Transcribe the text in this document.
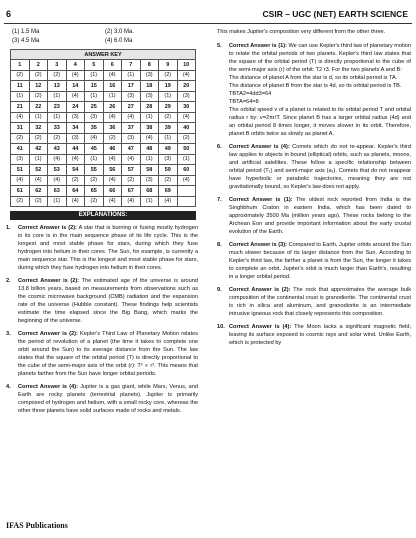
6	CSIR – UGC (NET) EARTH SCIENCE
(1) 1.5 Ma	(2) 3.0 Ma.
(3) 4.5 Ma	(4) 6.0 Ma
ANSWER KEY									
1	2	3	4	5	6	7	8	9	10
(2)	(2)	(2)	(4)	(1)	(4)	(1)	(3)	(2)	(4)
11	12	13	14	15	16	17	18	19	20
(1)	(2)	(1)	(4)	(1)	(1)	(3)	(3)	(1)	(3)
21	22	23	24	25	26	27	28	29	30
(4)	(1)	(1)	(3)	(3)	(4)	(4)	(1)	(2)	(4)
31	32	33	34	35	36	37	38	39	40
(2)	(2)	(2)	(3)	(4)	(2)	(3)	(4)	(1)	(2)
41	42	43	44	45	46	47	48	49	50
(3)	(1)	(4)	(4)	(1)	(4)	(4)	(1)	(3)	(1)
51	52	53	54	55	56	57	58	59	60
(4)	(4)	(4)	(2)	(2)	(4)	(2)	(3)	(2)	(4)
61	62	63	64	65	66	67	68	69	
(2)	(2)	(1)	(4)	(2)	(4)	(4)	(1)	(4)	
EXPLANATIONS:
1.	Correct Answer is (2): A star that is burning or fusing mostly hydrogen in its core is in the main sequence phase of its life cycle. This is the longest and most stable phase for stars, during which they fuse hydrogen into helium in their cores. The Sun, for example, is currently a main sequence star. This is the longest and most stable phase for stars, during which they fuse hydrogen into helium in their cores.
2.	Correct Answer is (2): The estimated age of the universe is around 13.8 billion years, based on measurements from observations such as the cosmic microwave background (CMB) radiation and the expansion rate of the universe (Hubble constant). These findings help scientists estimate the time elapsed since the Big Bang, which marks the beginning of the universe.
3.	Correct Answer is (2): Kepler's Third Law of Planetary Motion relates the period of revolution of a planet (the time it takes to complete one orbit around the Sun) to its average distance from the Sun. The law states that the square of the orbital period (T) is directly proportional to the cube of the semi-major axis of the orbit (r): T² ∝ r³. This means that planets farther from the Sun have longer orbital periods.
4.	Correct Answer is (4): Jupiter is a gas giant, while Mars, Venus, and Earth are rocky planets (terrestrial planets). Jupiter is primarily composed of hydrogen and helium, with a small rocky core, whereas the other three planets have solid surfaces made of rocks and metals.
This makes Jupiter's composition very different from the other three.
5.	Correct Answer is (1): We can use Kepler's third law of planetary motion to relate the orbital periods of two planets. Kepler's third law states that the square of the orbital period (T) is directly proportional to the cube of the semi-major axis (r) of the orbit: T2 r3. For the two planets A and B:
The distance of planet A from the star is d, so its orbital period is TA.
The distance of planet B from the star is 4d, so its orbital period is TB.
TBTA2=4dd3=64
TBTA=64=8
The orbital speed v of a planet is related to its orbital period T and orbital radius r by: v=2πr/T. Since planet B has a larger orbital radius (4d) and an orbital period 8 times longer, it moves slower in its orbit. Therefore, planet B orbits twice as slowly as planet A.
6.	Correct Answer is (4): Comets which do not re-appear. Kepler's third law applies to objects in bound (elliptical) orbits, such as planets, moons, and artificial satellites. These follow a specific relationship between orbital period (T₁) and semi-major axis (a₁). Comets that do not reappear have hyperbolic or parabolic trajectories, meaning they are not gravitationally bound, so Kepler's law does not apply.
7.	Correct Answer is (1): The oldest rock reported from India is the Singhbhum Craton in eastern India, which has been dated to approximately 3500 Ma (million years ago). These rocks belong to the Archean Eon and provide important information about the early crustal evolution of the Earth.
8.	Correct Answer is (3): Compared to Earth, Jupiter orbits around the Sun much slower because of its larger distance from the Sun. According to Kepler's third law, the farther a planet is from the Sun, the longer it takes to complete an orbit. Jupiter's orbit is much larger than Earth's, resulting in a longer orbital period.
9.	Correct Answer is (2): The rock that approximates the average bulk composition of the continental crust is granodiorite. The continental crust is rich in silica and aluminum, and granodiorite is an intermediate intrusive igneous rock that closely represents this composition.
10. Correct Answer is (4): The Moon lacks a significant magnetic field, leaving its surface exposed to cosmic rays and solar wind. Unlike Earth, which is protected by
IFAS Publications
